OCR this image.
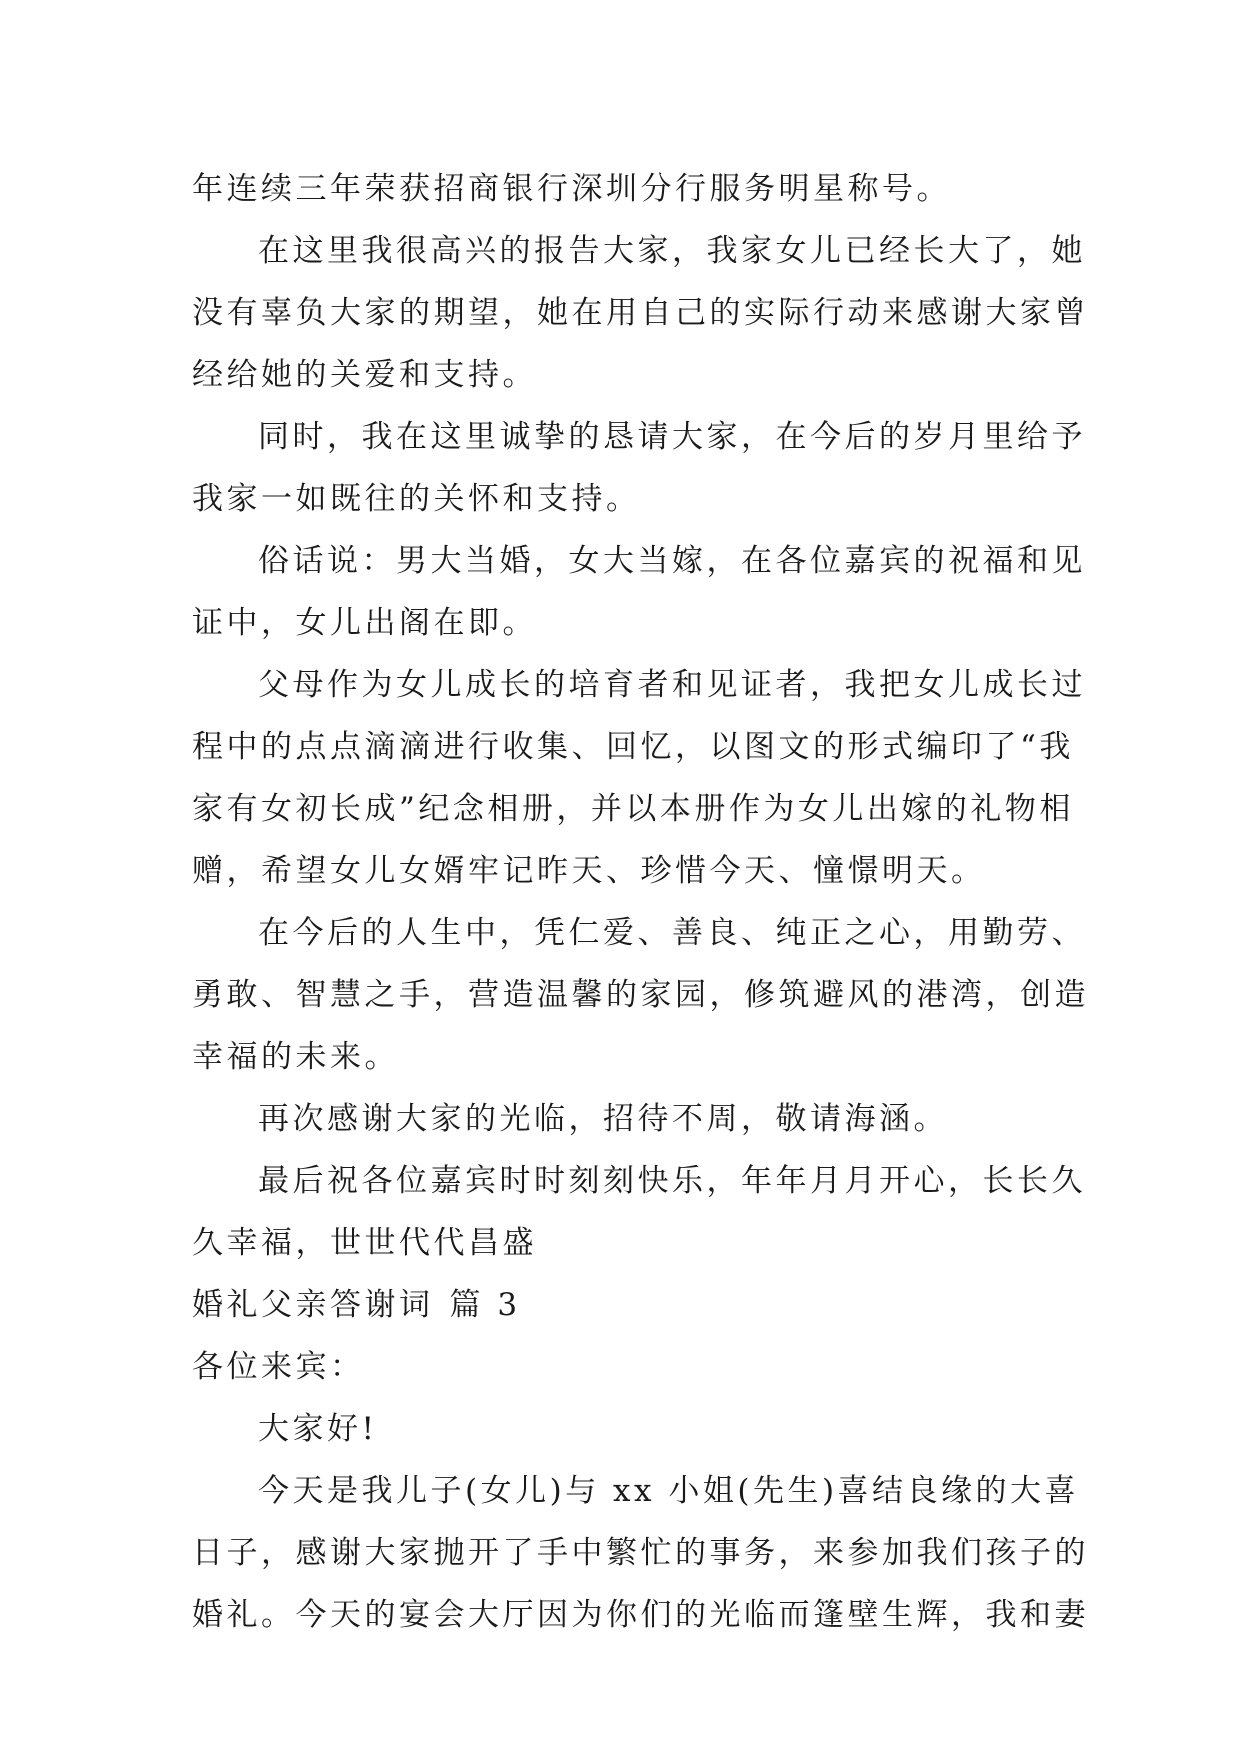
年连续三年荣获招商银行深圳分行服务明星称号。
在这里我很高兴的报告大家，我家女儿已经长大了，她
没有辜负大家的期望，她在用自己的实际行动来感谢大家曾
经给她的关爱和支持。
同时，我在这里诚挚的恳请大家，在今后的岁月里给予
我家一如既往的关怀和支持。
俗话说：男大当婚，女大当嫁，在各位嘉宾的祝福和见
证中，女儿出阁在即。
父母作为女儿成长的培育者和见证者，我把女儿成长过
程中的点点滴滴进行收集、回忆，以图文的形式编印了“我
家有女初长成”纪念相册，并以本册作为女儿出嫁的礼物相
赠，希望女儿女婿牢记昨天、珍惜今天、憧憬明天。
在今后的人生中，凭仁爱、善良、纯正之心，用勤劳、
勇敢、智慧之手，营造温馨的家园，修筑避风的港湾，创造
幸福的未来。
再次感谢大家的光临，招待不周，敬请海涵。
最后祝各位嘉宾时时刻刻快乐，年年月月开心，长长久
久幸福，世世代代昌盛
婚礼父亲答谢词 篇 3
各位来宾：
大家好!
今天是我儿子(女儿)与 xx 小姐(先生)喜结良缘的大喜
日子，感谢大家抛开了手中繁忙的事务，来参加我们孩子的
婚礼。今天的宴会大厅因为你们的光临而篷壁生辉，我和妻
